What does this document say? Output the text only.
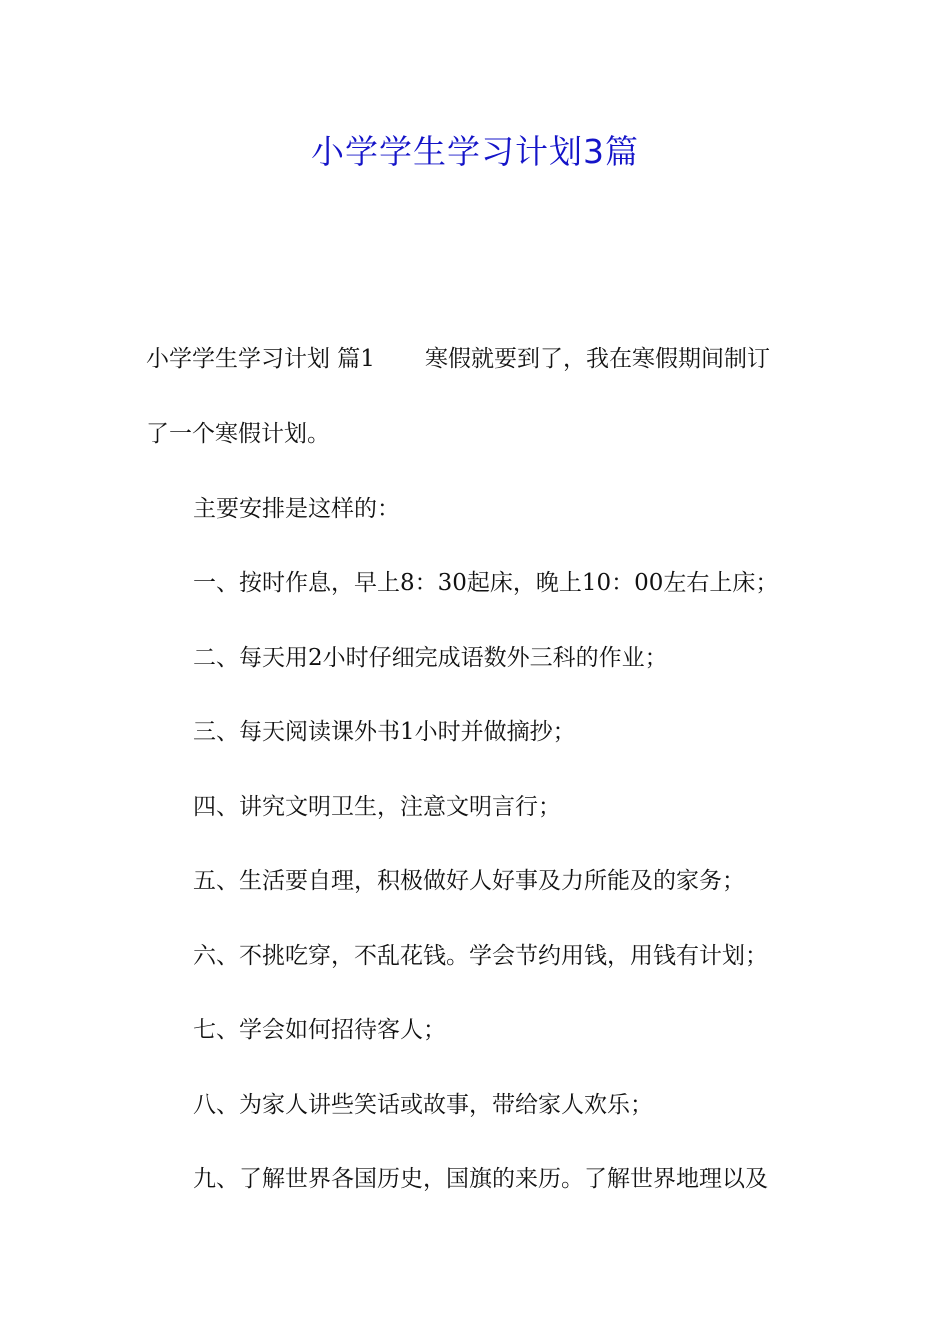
小学学生学习计划3篇

小学学生学习计划 篇1 寒假就要到了，我在寒假期间制订

了一个寒假计划。

主要安排是这样的：

一、按时作息，早上8：30起床，晚上10：00左右上床；

二、每天用2小时仔细完成语数外三科的作业；

三、每天阅读课外书1小时并做摘抄；

四、讲究文明卫生，注意文明言行；

五、生活要自理，积极做好人好事及力所能及的家务；

六、不挑吃穿，不乱花钱。学会节约用钱，用钱有计划；

七、学会如何招待客人；

八、为家人讲些笑话或故事，带给家人欢乐；

九、了解世界各国历史，国旗的来历。了解世界地理以及
